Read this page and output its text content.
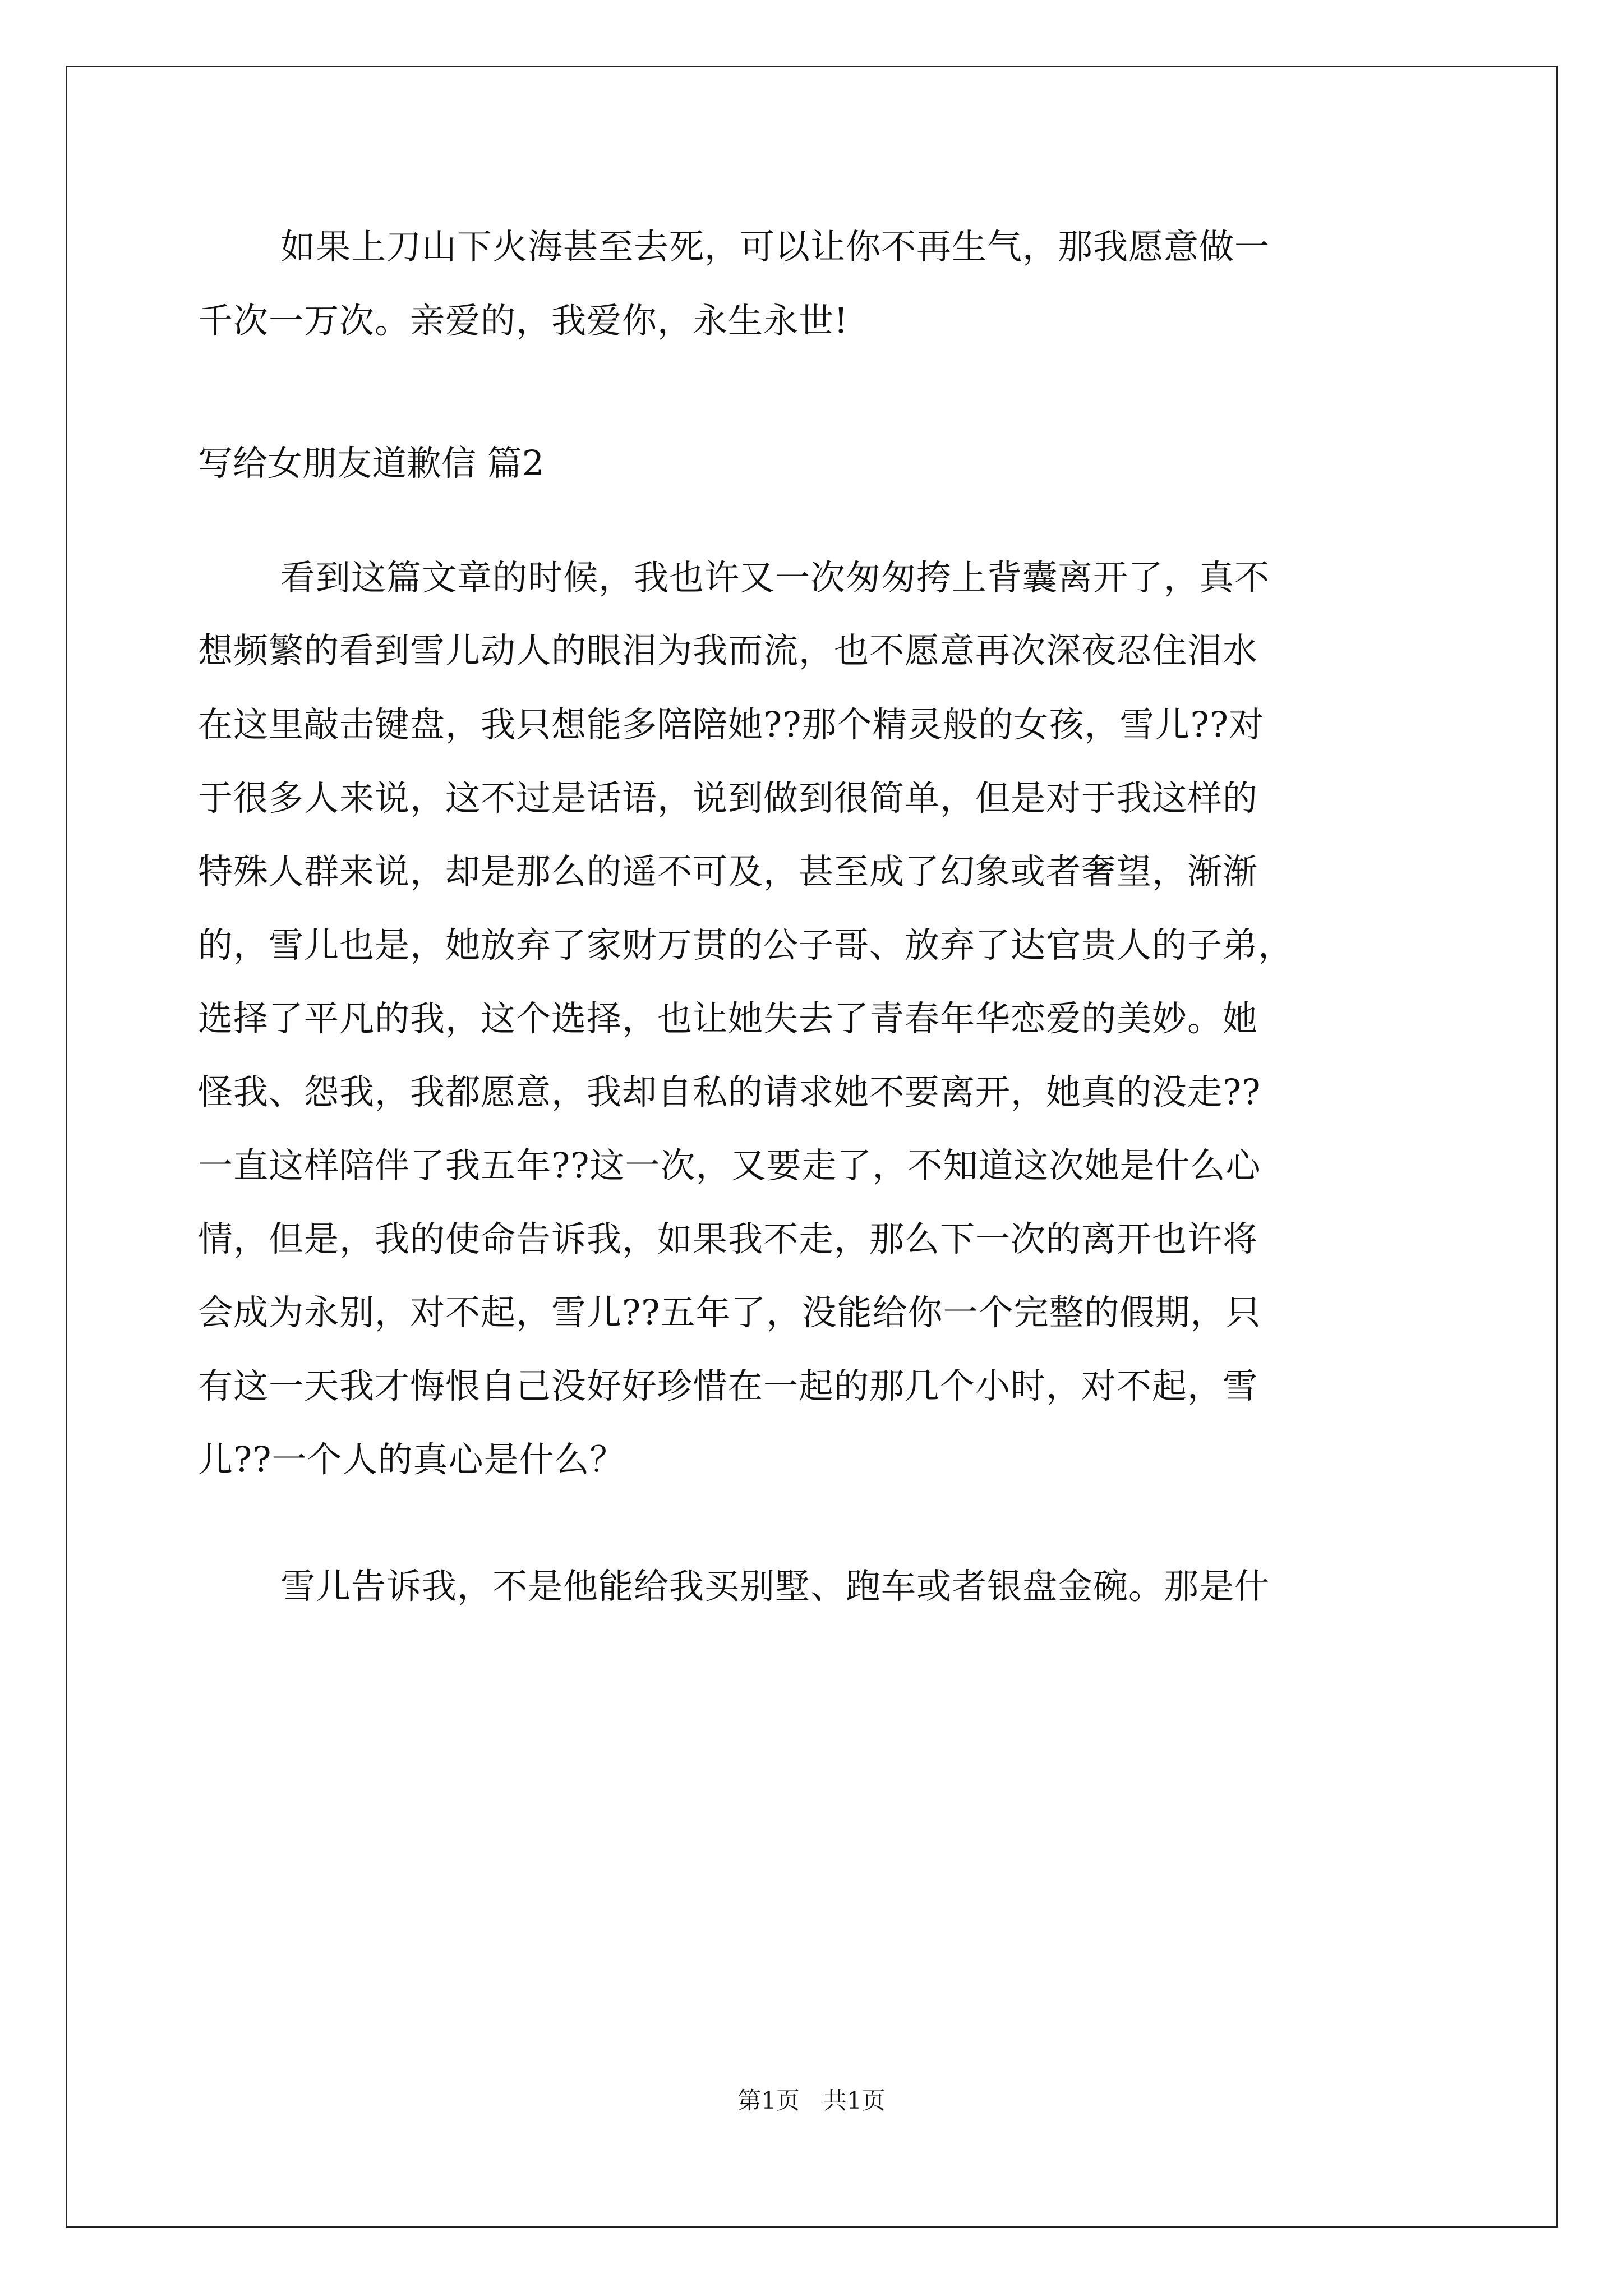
如果上刀山下火海甚至去死，可以让你不再生气，那我愿意做一
千次一万次。亲爱的，我爱你，永生永世!
写给女朋友道歉信 篇2
看到这篇文章的时候，我也许又一次匆匆挎上背囊离开了，真不
想频繁的看到雪儿动人的眼泪为我而流，也不愿意再次深夜忍住泪水
在这里敲击键盘，我只想能多陪陪她??那个精灵般的女孩，雪儿??对
于很多人来说，这不过是话语，说到做到很简单，但是对于我这样的
特殊人群来说，却是那么的遥不可及，甚至成了幻象或者奢望，渐渐
的，雪儿也是，她放弃了家财万贯的公子哥、放弃了达官贵人的子弟，
选择了平凡的我，这个选择，也让她失去了青春年华恋爱的美妙。她
怪我、怨我，我都愿意，我却自私的请求她不要离开，她真的没走??
一直这样陪伴了我五年??这一次，又要走了，不知道这次她是什么心
情，但是，我的使命告诉我，如果我不走，那么下一次的离开也许将
会成为永别，对不起，雪儿??五年了，没能给你一个完整的假期，只
有这一天我才悔恨自己没好好珍惜在一起的那几个小时，对不起，雪
儿??一个人的真心是什么？
雪儿告诉我，不是他能给我买别墅、跑车或者银盘金碗。那是什
第1页　共1页
